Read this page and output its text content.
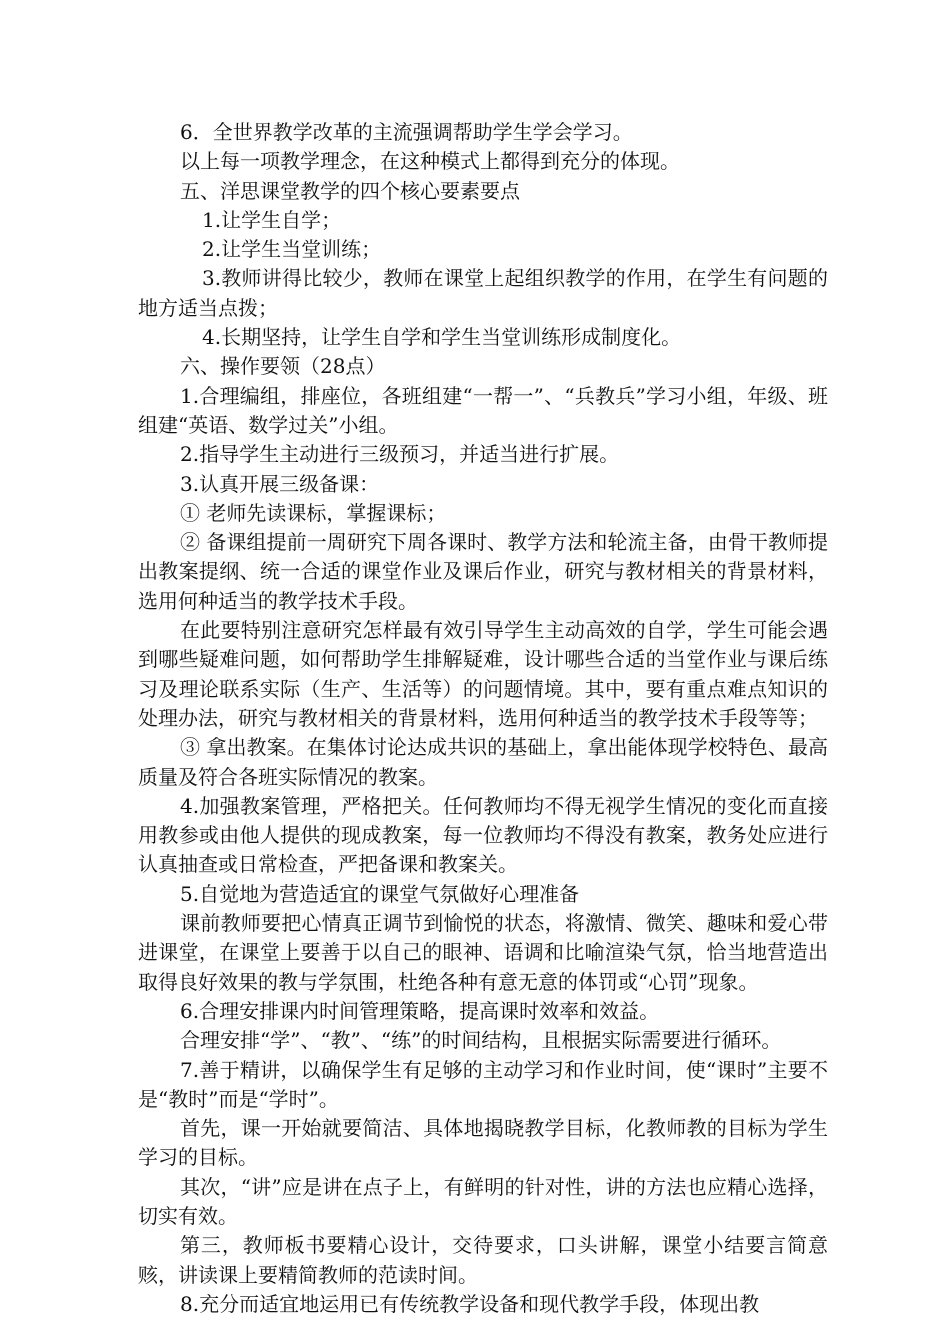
6．全世界教学改革的主流强调帮助学生学会学习。

以上每一项教学理念，在这种模式上都得到充分的体现。

五、洋思课堂教学的四个核心要素要点

1.让学生自学；

2.让学生当堂训练；

3.教师讲得比较少，教师在课堂上起组织教学的作用，在学生有问题的地方适当点拨；

4.长期坚持，让学生自学和学生当堂训练形成制度化。

六、操作要领（28点）

1.合理编组，排座位，各班组建“一帮一”、“兵教兵”学习小组，年级、班组建“英语、数学过关”小组。

2.指导学生主动进行三级预习，并适当进行扩展。

3.认真开展三级备课：

① 老师先读课标，掌握课标；

② 备课组提前一周研究下周各课时、教学方法和轮流主备，由骨干教师提出教案提纲、统一合适的课堂作业及课后作业，研究与教材相关的背景材料，选用何种适当的教学技术手段。

在此要特别注意研究怎样最有效引导学生主动高效的自学，学生可能会遇到哪些疑难问题，如何帮助学生排解疑难，设计哪些合适的当堂作业与课后练习及理论联系实际（生产、生活等）的问题情境。其中，要有重点难点知识的处理办法，研究与教材相关的背景材料，选用何种适当的教学技术手段等等；

③ 拿出教案。在集体讨论达成共识的基础上，拿出能体现学校特色、最高质量及符合各班实际情况的教案。

4.加强教案管理，严格把关。任何教师均不得无视学生情况的变化而直接用教参或由他人提供的现成教案，每一位教师均不得没有教案，教务处应进行认真抽查或日常检查，严把备课和教案关。

5.自觉地为营造适宜的课堂气氛做好心理准备

课前教师要把心情真正调节到愉悦的状态，将激情、微笑、趣味和爱心带进课堂，在课堂上要善于以自己的眼神、语调和比喻渲染气氛，恰当地营造出取得良好效果的教与学氛围，杜绝各种有意无意的体罚或“心罚”现象。

6.合理安排课内时间管理策略，提高课时效率和效益。

合理安排“学”、“教”、“练”的时间结构，且根据实际需要进行循环。

7.善于精讲，以确保学生有足够的主动学习和作业时间，使“课时”主要不是“教时”而是“学时”。

首先，课一开始就要简洁、具体地揭晓教学目标，化教师教的目标为学生学习的目标。

其次，“讲”应是讲在点子上，有鲜明的针对性，讲的方法也应精心选择，切实有效。

第三，教师板书要精心设计，交待要求，口头讲解，课堂小结要言简意赅，讲读课上要精简教师的范读时间。

8.充分而适宜地运用已有传统教学设备和现代教学手段，体现出教
